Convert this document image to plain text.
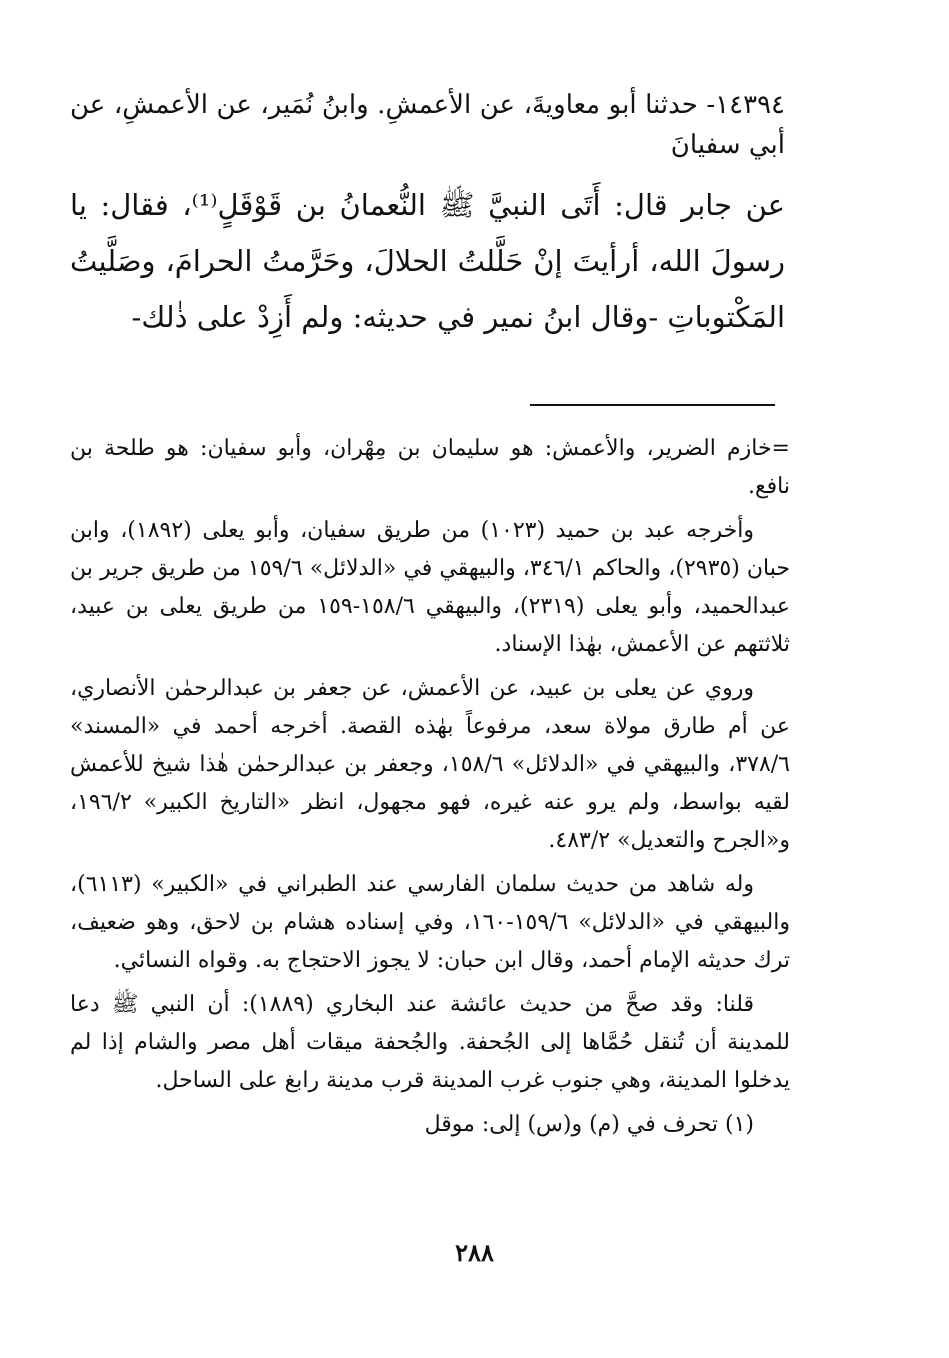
١٤٣٩٤- حدثنا أبو معاويةَ، عن الأعمشِ. وابنُ نُمَير، عن الأعمشِ، عن أبي سفيانَ

عن جابر قال: أَتَى النبيَّ ﷺ النُّعمانُ بن قَوْقَلٍ⁽¹⁾، فقال: يا رسولَ الله، أرأيتَ إنْ حَلَّلتُ الحلالَ، وحَرَّمتُ الحرامَ، وصَلَّيتُ المَكْتوباتِ -وقال ابنُ نمير في حديثه: ولم أَزِدْ على ذٰلك-

=خازم الضرير، والأعمش: هو سليمان بن مِهْران، وأبو سفيان: هو طلحة بن نافع.

وأخرجه عبد بن حميد (١٠٢٣) من طريق سفيان، وأبو يعلى (١٨٩٢)، وابن حبان (٢٩٣٥)، والحاكم ٣٤٦/١، والبيهقي في «الدلائل» ١٥٩/٦ من طريق جرير بن عبدالحميد، وأبو يعلى (٢٣١٩)، والبيهقي ١٥٨/٦-١٥٩ من طريق يعلى بن عبيد، ثلاثتهم عن الأعمش، بهٰذا الإسناد.

وروي عن يعلى بن عبيد، عن الأعمش، عن جعفر بن عبدالرحمٰن الأنصاري، عن أم طارق مولاة سعد، مرفوعاً بهٰذه القصة. أخرجه أحمد في «المسند» ٣٧٨/٦، والبيهقي في «الدلائل» ١٥٨/٦، وجعفر بن عبدالرحمٰن هٰذا شيخ للأعمش لقيه بواسط، ولم يرو عنه غيره، فهو مجهول، انظر «التاريخ الكبير» ١٩٦/٢، و«الجرح والتعديل» ٤٨٣/٢.

وله شاهد من حديث سلمان الفارسي عند الطبراني في «الكبير» (٦١١٣)، والبيهقي في «الدلائل» ١٥٩/٦-١٦٠، وفي إسناده هشام بن لاحق، وهو ضعيف، ترك حديثه الإمام أحمد، وقال ابن حبان: لا يجوز الاحتجاج به. وقواه النسائي.

قلنا: وقد صحَّ من حديث عائشة عند البخاري (١٨٨٩): أن النبي ﷺ دعا للمدينة أن تُنقل حُمَّاها إلى الجُحفة. والجُحفة ميقات أهل مصر والشام إذا لم يدخلوا المدينة، وهي جنوب غرب المدينة قرب مدينة رابغ على الساحل.

(١) تحرف في (م) و(س) إلى: موقل

٢٨٨
